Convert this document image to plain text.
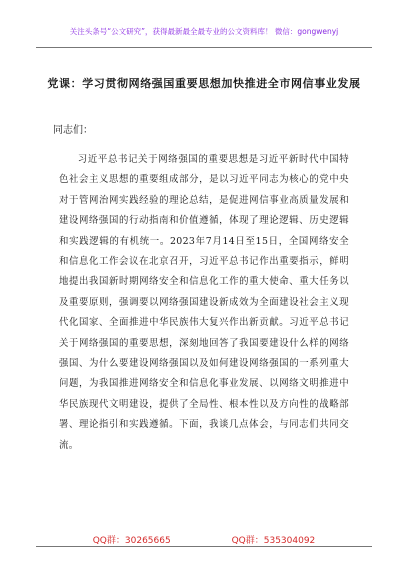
关注头条号“公文研究”，获得最新最全最专业的公文资料库！ 微信：gongwenyj
党课：学习贯彻网络强国重要思想加快推进全市网信事业发展
同志们：

习近平总书记关于网络强国的重要思想是习近平新时代中国特色社会主义思想的重要组成部分，是以习近平同志为核心的党中央对于管网治网实践经验的理论总结，是促进网信事业高质量发展和建设网络强国的行动指南和价值遵循，体现了理论逻辑、历史逻辑和实践逻辑的有机统一。2023年7月14日至15日，全国网络安全和信息化工作会议在北京召开，习近平总书记作出重要指示，鲜明地提出我国新时期网络安全和信息化工作的重大使命、重大任务以及重要原则，强调要以网络强国建设新成效为全面建设社会主义现代化国家、全面推进中华民族伟大复兴作出新贡献。习近平总书记关于网络强国的重要思想，深刻地回答了我国要建设什么样的网络强国、为什么要建设网络强国以及如何建设网络强国的一系列重大问题，为我国推进网络安全和信息化事业发展、以网络文明推进中华民族现代文明建设，提供了全局性、根本性以及方向性的战略部署、理论指引和实践遵循。下面，我谈几点体会，与同志们共同交流。

QQ群：30265665	QQ群：535304092
